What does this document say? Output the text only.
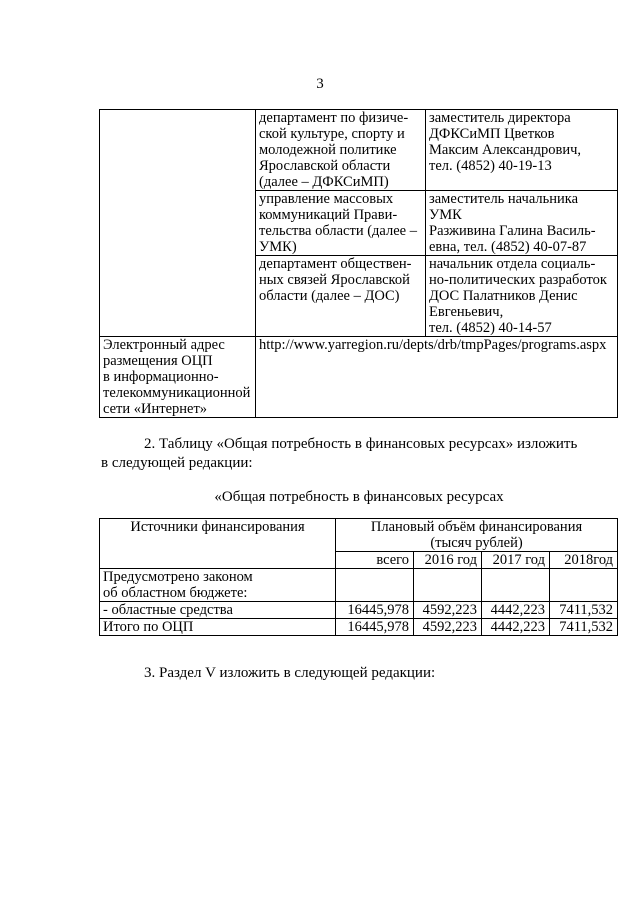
3
	департамент по физиче-
ской культуре, спорту и
молодежной политике
Ярославской области
(далее – ДФКСиМП)	заместитель директора
ДФКСиМП Цветков
Максим Александрович,
тел. (4852) 40-19-13
	управление массовых
коммуникаций Прави-
тельства области (далее –
УМК)	заместитель начальника УМК
Разживина Галина Василь-
евна, тел. (4852) 40-07-87
	департамент обществен-
ных связей Ярославской
области (далее – ДОС)	начальник отдела социаль-
но-политических разработок
ДОС Палатников Денис
Евгеньевич,
тел. (4852) 40-14-57
Электронный адрес
размещения ОЦП
в информационно-
телекоммуникационной
сети «Интернет»	http://www.yarregion.ru/depts/drb/tmpPages/programs.aspx	
2. Таблицу «Общая потребность в финансовых ресурсах» изложить
в следующей редакции:
«Общая потребность в финансовых ресурсах
Источники финансирования	Плановый объём финансирования
(тысяч рублей)			
	всего	2016 год	2017 год	2018год
Предусмотрено законом
об областном бюджете:				
- областные средства	16445,978	4592,223	4442,223	7411,532
Итого по ОЦП	16445,978	4592,223	4442,223	7411,532
3. Раздел V изложить в следующей редакции:
